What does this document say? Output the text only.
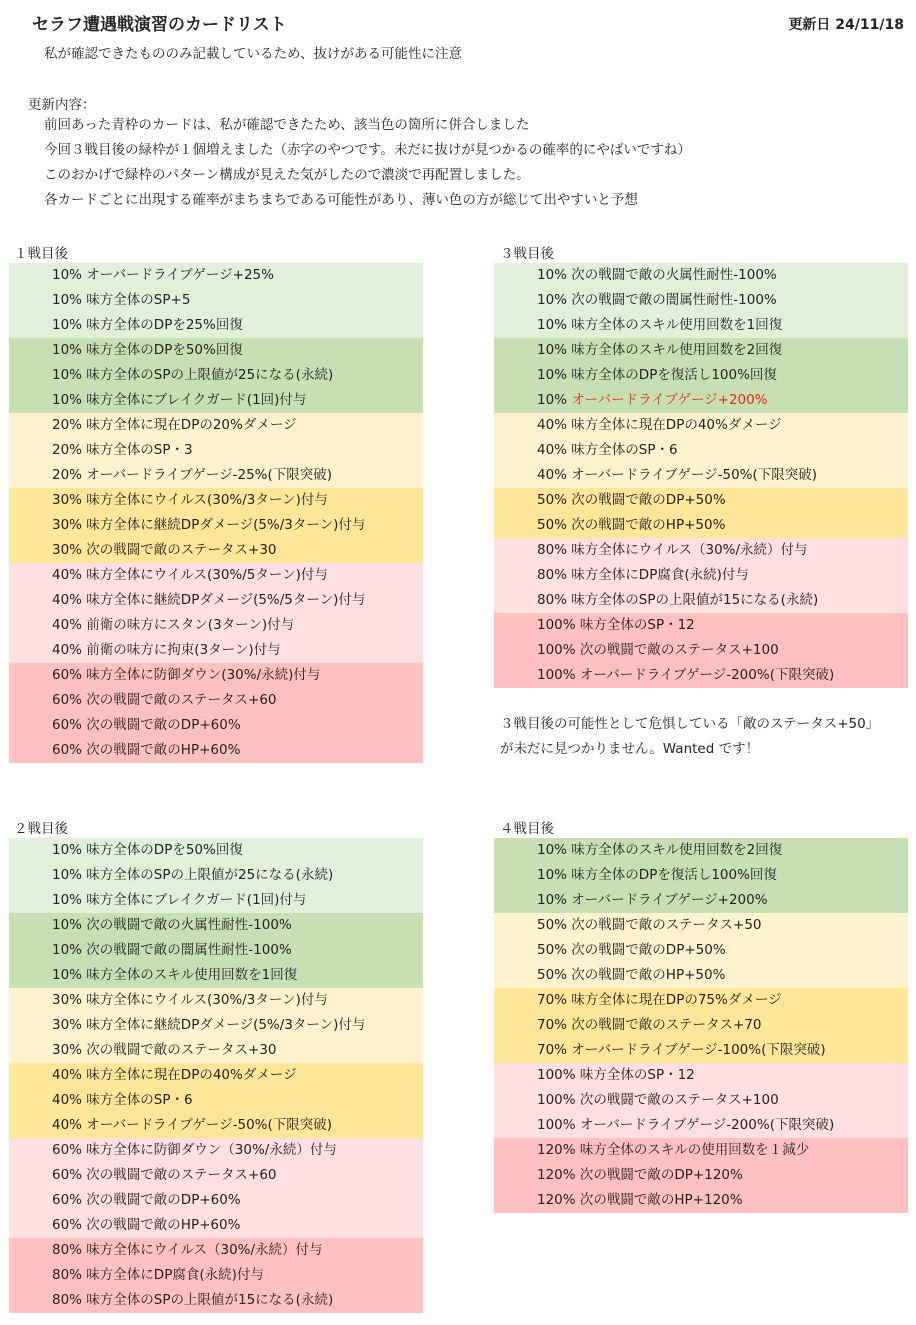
セラフ遭遇戦演習のカードリスト	更新日 24/11/18
私が確認できたもののみ記載しているため、抜けがある可能性に注意
更新内容：
前回あった青枠のカードは、私が確認できたため、該当色の箇所に併合しました
今回３戦目後の緑枠が１個増えました（赤字のやつです。未だに抜けが見つかるの確率的にやばいですね）
このおかげで緑枠のパターン構成が見えた気がしたので濃淡で再配置しました。
各カードごとに出現する確率がまちまちである可能性があり、薄い色の方が総じて出やすいと予想
１戦目後
10% オーバードライブゲージ+25%
10% 味方全体のSP+5
10% 味方全体のDPを25%回復
10% 味方全体のDPを50%回復
10% 味方全体のSPの上限値が25になる(永続)
10% 味方全体にブレイクガード(1回)付与
20% 味方全体に現在DPの20%ダメージ
20% 味方全体のSP・3
20% オーバードライブゲージ-25%(下限突破)
30% 味方全体にウイルス(30%/3ターン)付与
30% 味方全体に継続DPダメージ(5%/3ターン)付与
30% 次の戦闘で敵のステータス+30
40% 味方全体にウイルス(30%/5ターン)付与
40% 味方全体に継続DPダメージ(5%/5ターン)付与
40% 前衛の味方にスタン(3ターン)付与
40% 前衛の味方に拘束(3ターン)付与
60% 味方全体に防御ダウン(30%/永続)付与
60% 次の戦闘で敵のステータス+60
60% 次の戦闘で敵のDP+60%
60% 次の戦闘で敵のHP+60%
３戦目後
10% 次の戦闘で敵の火属性耐性-100%
10% 次の戦闘で敵の闇属性耐性-100%
10% 味方全体のスキル使用回数を1回復
10% 味方全体のスキル使用回数を2回復
10% 味方全体のDPを復活し100%回復
10% オーバードライブゲージ+200%
40% 味方全体に現在DPの40%ダメージ
40% 味方全体のSP・6
40% オーバードライブゲージ-50%(下限突破)
50% 次の戦闘で敵のDP+50%
50% 次の戦闘で敵のHP+50%
80% 味方全体にウイルス（30%/永続）付与
80% 味方全体にDP腐食(永続)付与
80% 味方全体のSPの上限値が15になる(永続)
100% 味方全体のSP・12
100% 次の戦闘で敵のステータス+100
100% オーバードライブゲージ-200%(下限突破)
３戦目後の可能性として危惧している「敵のステータス+50」
が未だに見つかりません。Wanted です！
２戦目後
10% 味方全体のDPを50%回復
10% 味方全体のSPの上限値が25になる(永続)
10% 味方全体にブレイクガード(1回)付与
10% 次の戦闘で敵の火属性耐性-100%
10% 次の戦闘で敵の闇属性耐性-100%
10% 味方全体のスキル使用回数を1回復
30% 味方全体にウイルス(30%/3ターン)付与
30% 味方全体に継続DPダメージ(5%/3ターン)付与
30% 次の戦闘で敵のステータス+30
40% 味方全体に現在DPの40%ダメージ
40% 味方全体のSP・6
40% オーバードライブゲージ-50%(下限突破)
60% 味方全体に防御ダウン（30%/永続）付与
60% 次の戦闘で敵のステータス+60
60% 次の戦闘で敵のDP+60%
60% 次の戦闘で敵のHP+60%
80% 味方全体にウイルス（30%/永続）付与
80% 味方全体にDP腐食(永続)付与
80% 味方全体のSPの上限値が15になる(永続)
４戦目後
10% 味方全体のスキル使用回数を2回復
10% 味方全体のDPを復活し100%回復
10% オーバードライブゲージ+200%
50% 次の戦闘で敵のステータス+50
50% 次の戦闘で敵のDP+50%
50% 次の戦闘で敵のHP+50%
70% 味方全体に現在DPの75%ダメージ
70% 次の戦闘で敵のステータス+70
70% オーバードライブゲージ-100%(下限突破)
100% 味方全体のSP・12
100% 次の戦闘で敵のステータス+100
100% オーバードライブゲージ-200%(下限突破)
120% 味方全体のスキルの使用回数を１減少
120% 次の戦闘で敵のDP+120%
120% 次の戦闘で敵のHP+120%
